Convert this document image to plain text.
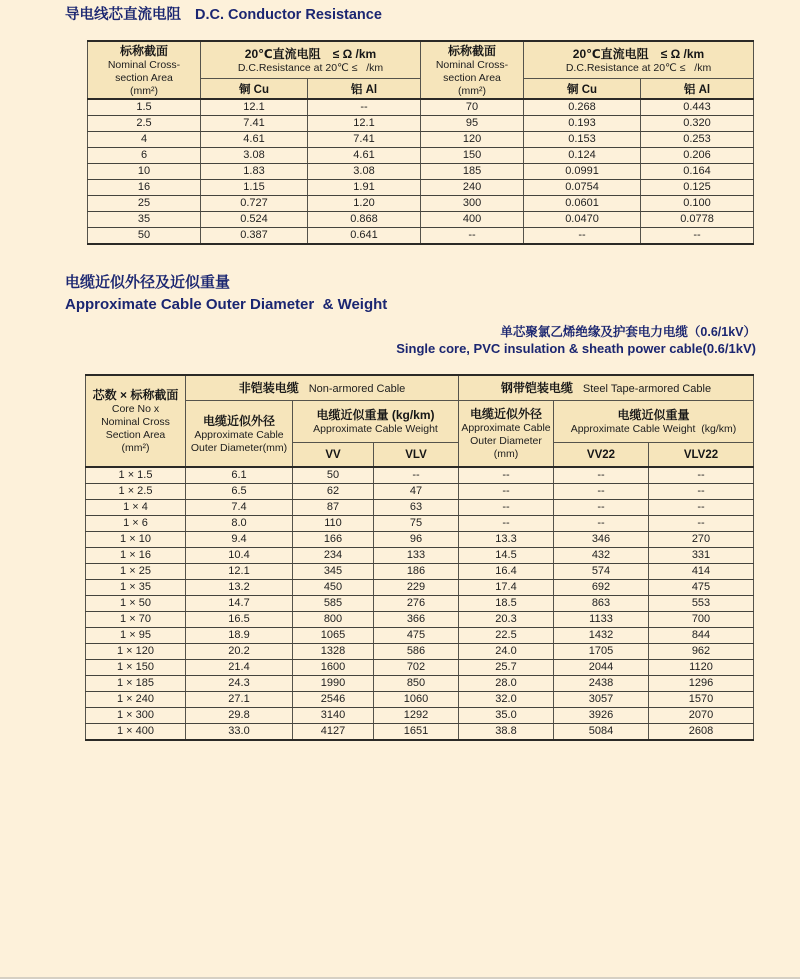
导电线芯直流电阻 D.C. Conductor Resistance
标称截面
Nominal Cross-
section Area
(mm²)

20℃直流电阻　≤ Ω /km
D.C.Resistance at 20℃ ≤   /km

标称截面
Nominal Cross-
section Area
(mm²)

20℃直流电阻　≤ Ω /km
D.C.Resistance at 20℃ ≤   /km

	铜 Cu	铝 Al		铜 Cu	铝 Al
1.5	12.1	--	70	0.268	0.443
2.5	7.41	12.1	95	0.193	0.320
4	4.61	7.41	120	0.153	0.253
6	3.08	4.61	150	0.124	0.206
10	1.83	3.08	185	0.0991	0.164
16	1.15	1.91	240	0.0754	0.125
25	0.727	1.20	300	0.0601	0.100
35	0.524	0.868	400	0.0470	0.0778
50	0.387	0.641	--	--	--
电缆近似外径及近似重量
Approximate Cable Outer Diameter  & Weight
单芯聚氯乙烯绝缘及护套电力电缆（0.6/1kV）
Single core, PVC insulation & sheath power cable(0.6/1kV)
芯数 × 标称截面
Core No x
Nominal Cross
Section Area
(mm²)	非铠装电缆 Non-armored Cable			钢带铠装电缆 Steel Tape-armored Cable		

电缆近似外径
Approximate Cable
Outer Diameter(mm)

电缆近似重量 (kg/km)
Approximate Cable Weight

电缆近似外径
Approximate Cable
Outer Diameter
(mm)

电缆近似重量
Approximate Cable Weight  (kg/km)

		VV	VLV		VV22	VLV22
1 × 1.5	6.1	50	--	--	--	--
1 × 2.5	6.5	62	47	--	--	--
1 × 4	7.4	87	63	--	--	--
1 × 6	8.0	110	75	--	--	--
1 × 10	9.4	166	96	13.3	346	270
1 × 16	10.4	234	133	14.5	432	331
1 × 25	12.1	345	186	16.4	574	414
1 × 35	13.2	450	229	17.4	692	475
1 × 50	14.7	585	276	18.5	863	553
1 × 70	16.5	800	366	20.3	1133	700
1 × 95	18.9	1065	475	22.5	1432	844
1 × 120	20.2	1328	586	24.0	1705	962
1 × 150	21.4	1600	702	25.7	2044	1120
1 × 185	24.3	1990	850	28.0	2438	1296
1 × 240	27.1	2546	1060	32.0	3057	1570
1 × 300	29.8	3140	1292	35.0	3926	2070
1 × 400	33.0	4127	1651	38.8	5084	2608
